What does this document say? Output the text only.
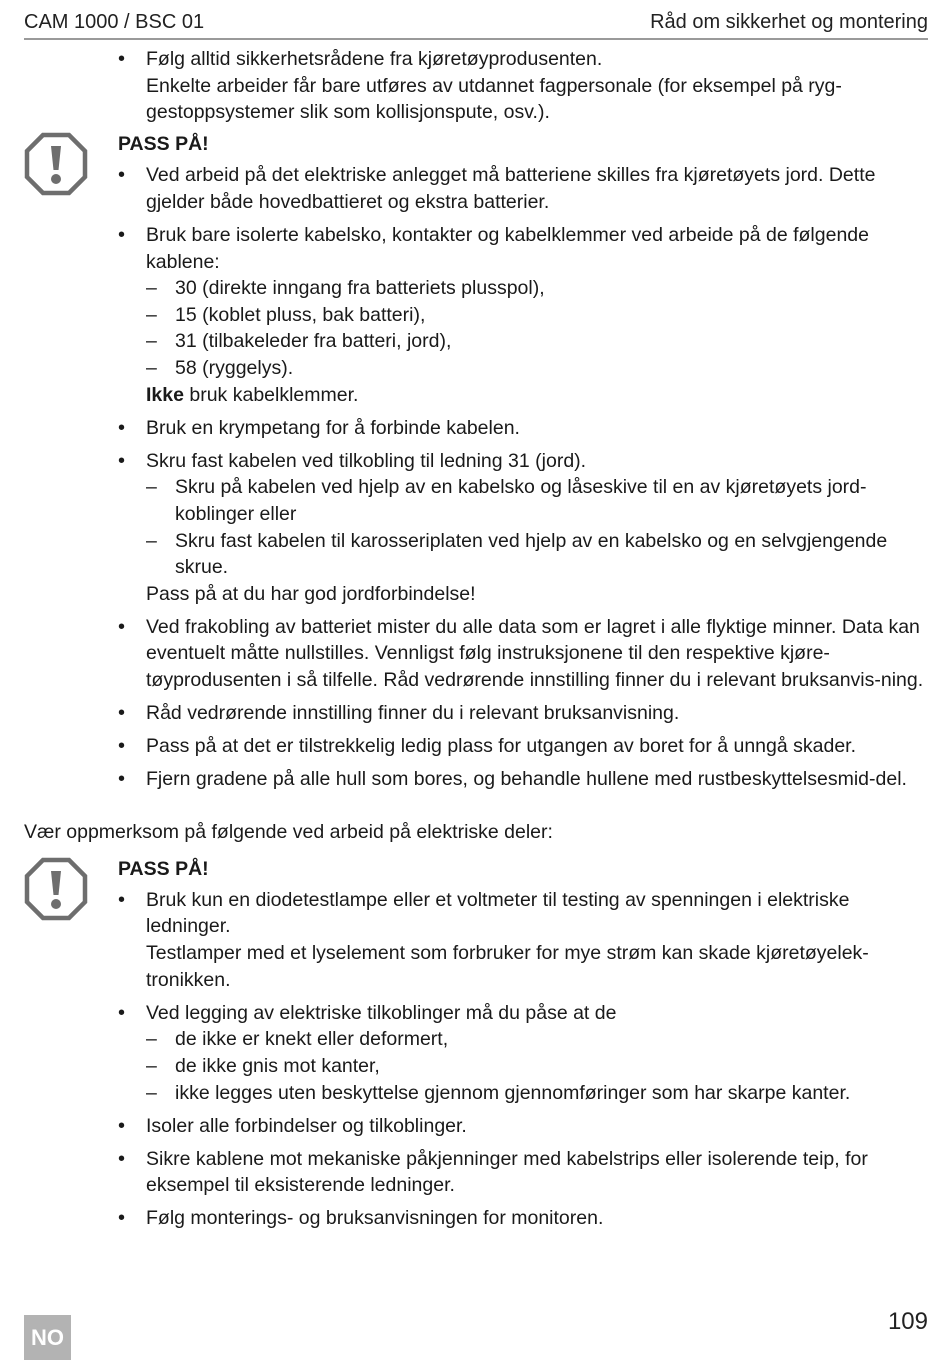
CAM 1000 / BSC 01	Råd om sikkerhet og montering
• Følg alltid sikkerhetsrådene fra kjøretøyprodusenten.
Enkelte arbeider får bare utføres av utdannet fagpersonale (for eksempel på ryg-
gestoppsystemer slik som kollisjonspute, osv.).
PASS PÅ!
• Ved arbeid på det elektriske anlegget må batteriene skilles fra kjøretøyets jord. Dette gjelder både hovedbattieret og ekstra batterier.
• Bruk bare isolerte kabelsko, kontakter og kabelklemmer ved arbeide på de følgende kablene:
– 30 (direkte inngang fra batteriets plusspol),
– 15 (koblet pluss, bak batteri),
– 31 (tilbakeleder fra batteri, jord),
– 58 (ryggelys).
Ikke bruk kabelklemmer.
• Bruk en krympetang for å forbinde kabelen.
• Skru fast kabelen ved tilkobling til ledning 31 (jord).
– Skru på kabelen ved hjelp av en kabelsko og låseskive til en av kjøretøyets jord-koblinger eller
– Skru fast kabelen til karosseriplaten ved hjelp av en kabelsko og en selvgjengende skrue.
Pass på at du har god jordforbindelse!
• Ved frakobling av batteriet mister du alle data som er lagret i alle flyktige minner. Data kan eventuelt måtte nullstilles. Vennligst følg instruksjonene til den respektive kjøre-tøyprodusenten i så tilfelle. Råd vedrørende innstilling finner du i relevant bruksanvis-ning.
• Råd vedrørende innstilling finner du i relevant bruksanvisning.
• Pass på at det er tilstrekkelig ledig plass for utgangen av boret for å unngå skader.
• Fjern gradene på alle hull som bores, og behandle hullene med rustbeskyttelsesmid-del.

Vær oppmerksom på følgende ved arbeid på elektriske deler:

PASS PÅ!
• Bruk kun en diodetestlampe eller et voltmeter til testing av spenningen i elektriske ledninger.
Testlamper med et lyselement som forbruker for mye strøm kan skade kjøretøyelek-tronikken.
• Ved legging av elektriske tilkoblinger må du påse at de
– de ikke er knekt eller deformert,
– de ikke gnis mot kanter,
– ikke legges uten beskyttelse gjennom gjennomføringer som har skarpe kanter.
• Isoler alle forbindelser og tilkoblinger.
• Sikre kablene mot mekaniske påkjenninger med kabelstrips eller isolerende teip, for eksempel til eksisterende ledninger.
• Følg monterings- og bruksanvisningen for monitoren.
109
NO
